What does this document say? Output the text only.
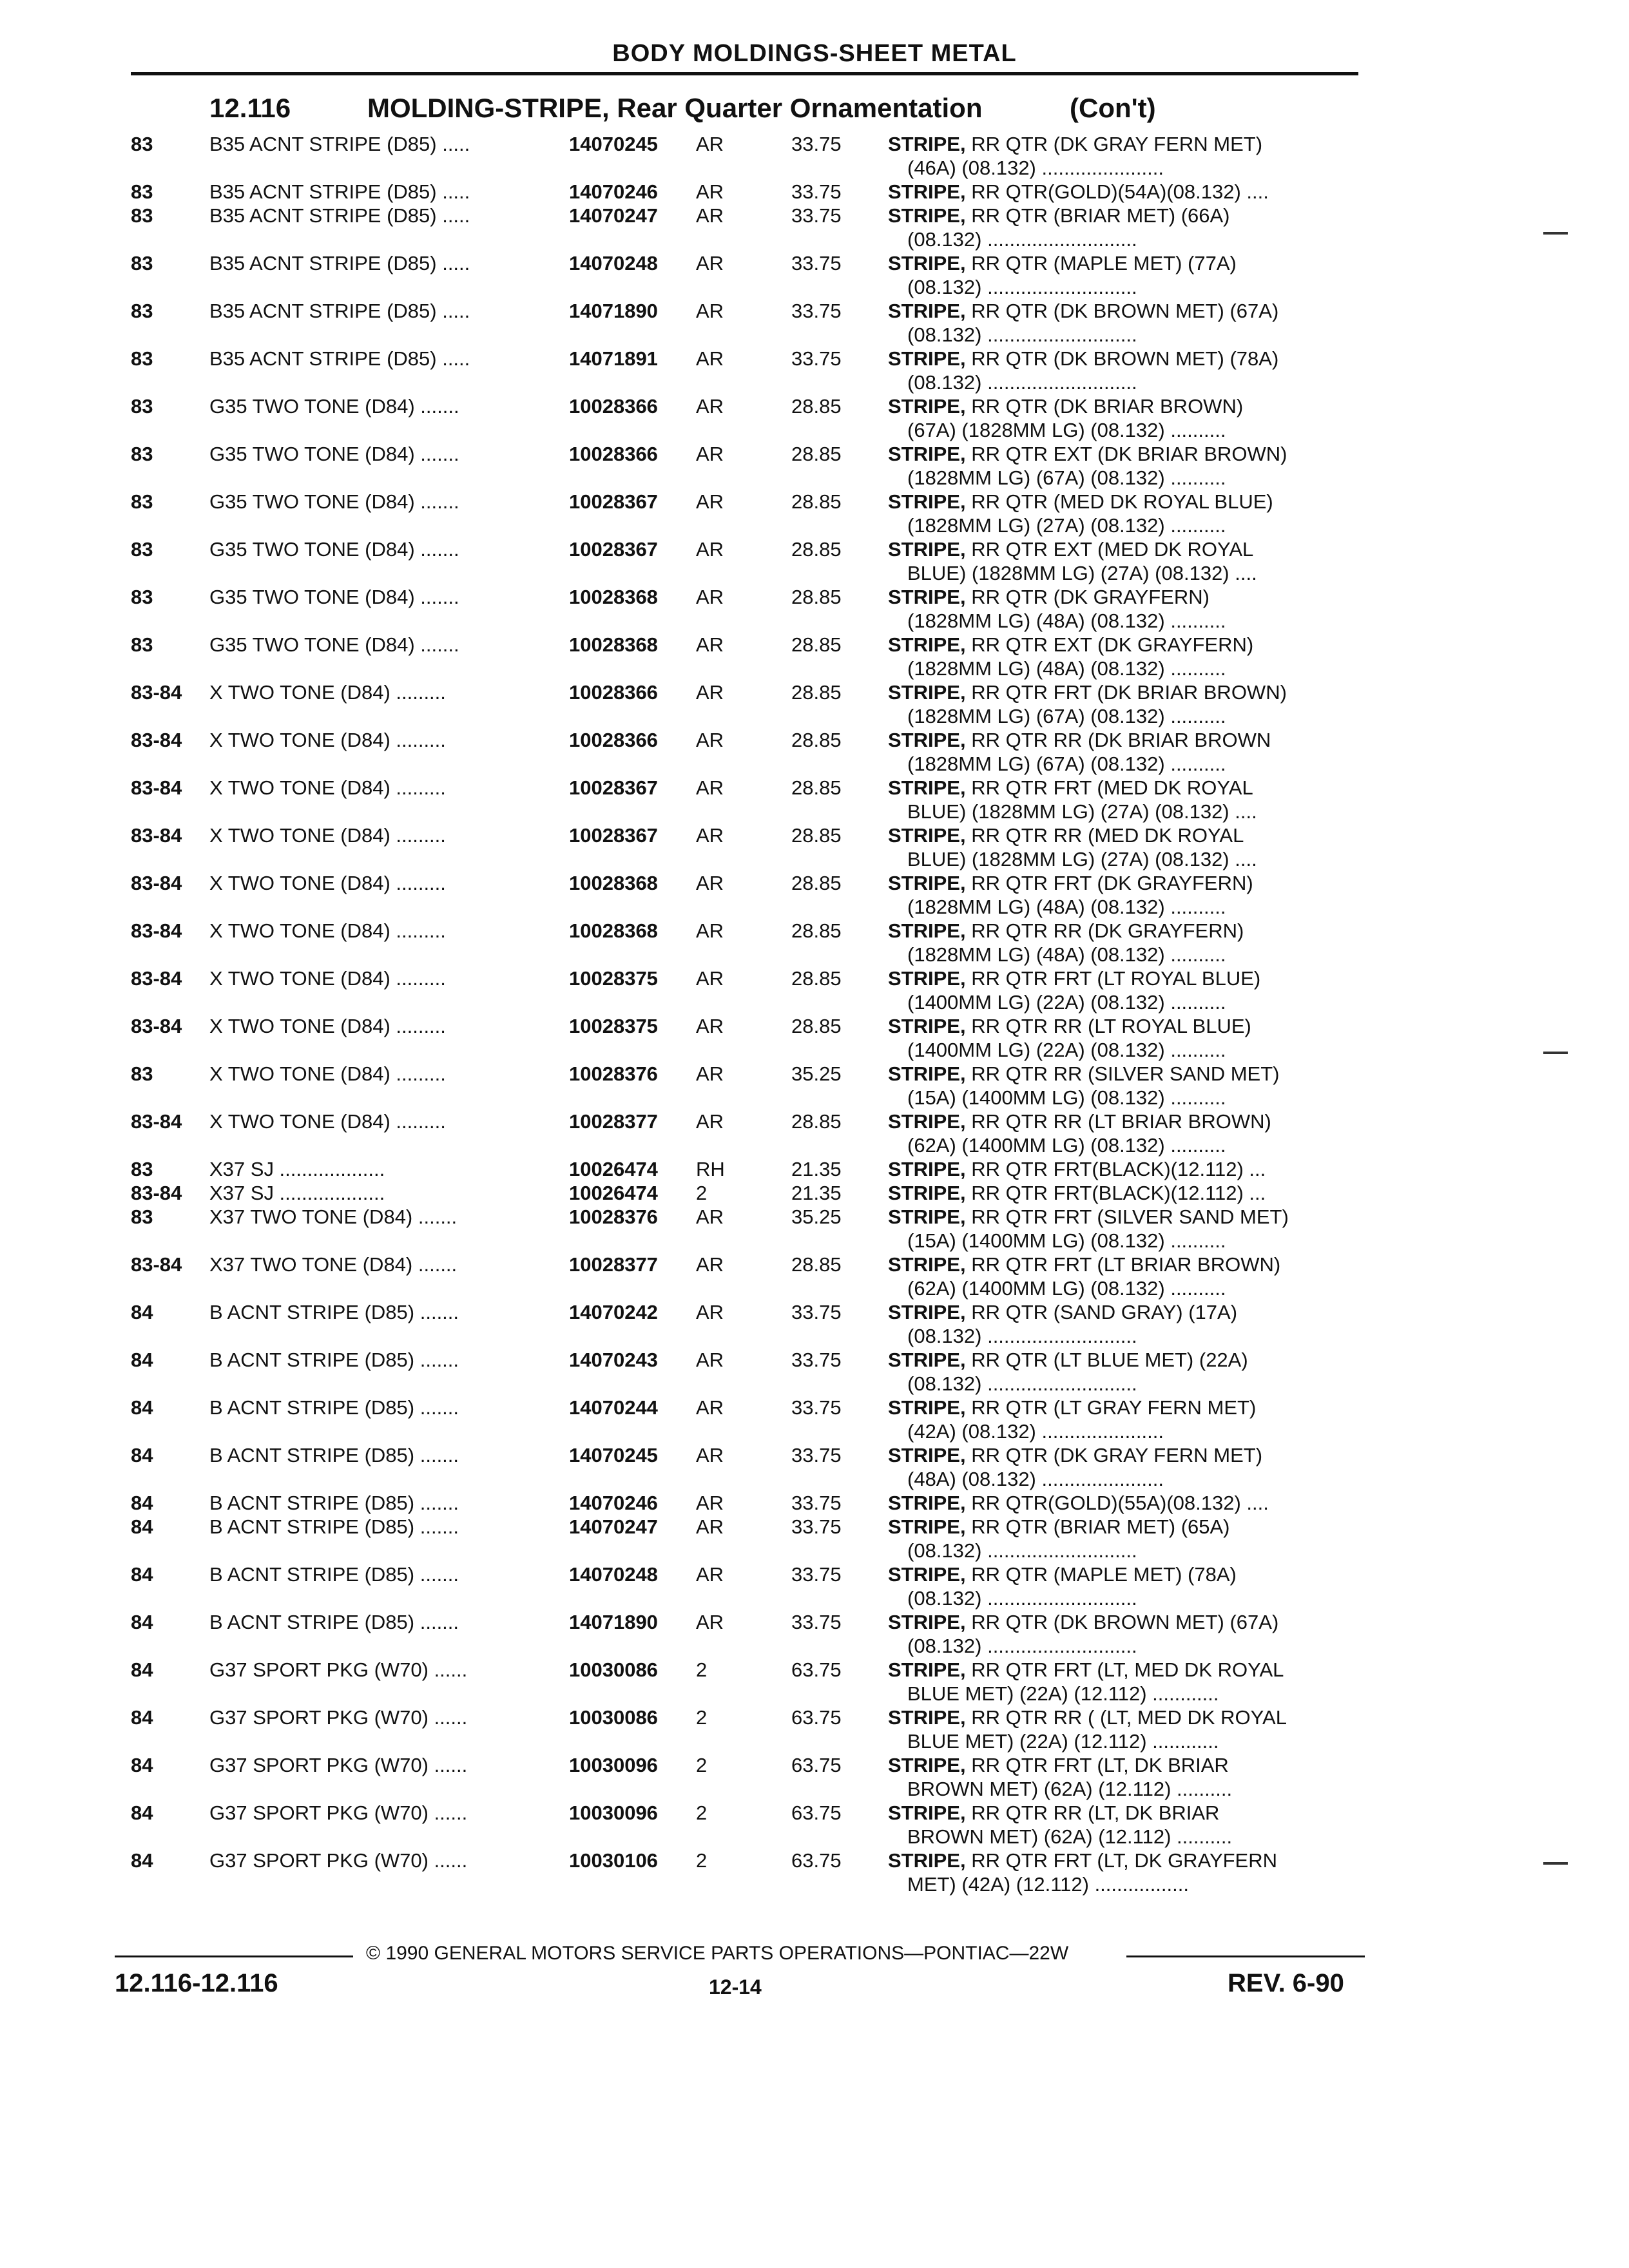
BODY MOLDINGS-SHEET METAL
12.116	MOLDING-STRIPE, Rear Quarter Ornamentation	(Con't)
83	B35 ACNT STRIPE (D85) .....	14070245 AR	33.75 STRIPE, RR QTR (DK GRAY FERN MET)
(46A) (08.132) ......................
83	B35 ACNT STRIPE (D85) .....	14070246 AR	33.75 STRIPE, RR QTR(GOLD)(54A)(08.132) ....
83	B35 ACNT STRIPE (D85) .....	14070247 AR	33.75 STRIPE, RR QTR (BRIAR MET) (66A)
(08.132) ...........................
83	B35 ACNT STRIPE (D85) .....	14070248 AR	33.75 STRIPE, RR QTR (MAPLE MET) (77A)
(08.132) ...........................
83	B35 ACNT STRIPE (D85) .....	14071890 AR	33.75 STRIPE, RR QTR (DK BROWN MET) (67A)
(08.132) ...........................
83	B35 ACNT STRIPE (D85) .....	14071891 AR	33.75 STRIPE, RR QTR (DK BROWN MET) (78A)
(08.132) ...........................
83	G35 TWO TONE (D84) .......	10028366 AR	28.85 STRIPE, RR QTR (DK BRIAR BROWN)
(67A) (1828MM LG) (08.132) ..........
83	G35 TWO TONE (D84) .......	10028366 AR	28.85 STRIPE, RR QTR EXT (DK BRIAR BROWN)
(1828MM LG) (67A) (08.132) ..........
83	G35 TWO TONE (D84) .......	10028367 AR	28.85 STRIPE, RR QTR (MED DK ROYAL BLUE)
(1828MM LG) (27A) (08.132) ..........
83	G35 TWO TONE (D84) .......	10028367 AR	28.85 STRIPE, RR QTR EXT (MED DK ROYAL
BLUE) (1828MM LG) (27A) (08.132) ....
83	G35 TWO TONE (D84) .......	10028368 AR	28.85 STRIPE, RR QTR (DK GRAYFERN)
(1828MM LG) (48A) (08.132) ..........
83	G35 TWO TONE (D84) .......	10028368 AR	28.85 STRIPE, RR QTR EXT (DK GRAYFERN)
(1828MM LG) (48A) (08.132) ..........
83-84 X TWO TONE (D84) .........	10028366 AR	28.85 STRIPE, RR QTR FRT (DK BRIAR BROWN)
(1828MM LG) (67A) (08.132) ..........
83-84 X TWO TONE (D84) .........	10028366 AR	28.85 STRIPE, RR QTR RR (DK BRIAR BROWN
(1828MM LG) (67A) (08.132) ..........
83-84 X TWO TONE (D84) .........	10028367 AR	28.85 STRIPE, RR QTR FRT (MED DK ROYAL
BLUE) (1828MM LG) (27A) (08.132) ....
83-84 X TWO TONE (D84) .........	10028367 AR	28.85 STRIPE, RR QTR RR (MED DK ROYAL
BLUE) (1828MM LG) (27A) (08.132) ....
83-84 X TWO TONE (D84) .........	10028368 AR	28.85 STRIPE, RR QTR FRT (DK GRAYFERN)
(1828MM LG) (48A) (08.132) ..........
83-84 X TWO TONE (D84) .........	10028368 AR	28.85 STRIPE, RR QTR RR (DK GRAYFERN)
(1828MM LG) (48A) (08.132) ..........
83-84 X TWO TONE (D84) .........	10028375 AR	28.85 STRIPE, RR QTR FRT (LT ROYAL BLUE)
(1400MM LG) (22A) (08.132) ..........
83-84 X TWO TONE (D84) .........	10028375 AR	28.85 STRIPE, RR QTR RR (LT ROYAL BLUE)
(1400MM LG) (22A) (08.132) ..........
83	X TWO TONE (D84) .........	10028376 AR	35.25 STRIPE, RR QTR RR (SILVER SAND MET)
(15A) (1400MM LG) (08.132) ..........
83-84 X TWO TONE (D84) .........	10028377 AR	28.85 STRIPE, RR QTR RR (LT BRIAR BROWN)
(62A) (1400MM LG) (08.132) ..........
83	X37 SJ ...................	10026474 RH	21.35 STRIPE, RR QTR FRT(BLACK)(12.112) ...
83-84 X37 SJ ...................	10026474 2	21.35 STRIPE, RR QTR FRT(BLACK)(12.112) ...
83	X37 TWO TONE (D84) .......	10028376 AR	35.25 STRIPE, RR QTR FRT (SILVER SAND MET)
(15A) (1400MM LG) (08.132) ..........
83-84 X37 TWO TONE (D84) .......	10028377 AR	28.85 STRIPE, RR QTR FRT (LT BRIAR BROWN)
(62A) (1400MM LG) (08.132) ..........
84	B ACNT STRIPE (D85) .......	14070242 AR	33.75 STRIPE, RR QTR (SAND GRAY) (17A)
(08.132) ...........................
84	B ACNT STRIPE (D85) .......	14070243 AR	33.75 STRIPE, RR QTR (LT BLUE MET) (22A)
(08.132) ...........................
84	B ACNT STRIPE (D85) .......	14070244 AR	33.75 STRIPE, RR QTR (LT GRAY FERN MET)
(42A) (08.132) ......................
84	B ACNT STRIPE (D85) .......	14070245 AR	33.75 STRIPE, RR QTR (DK GRAY FERN MET)
(48A) (08.132) ......................
84	B ACNT STRIPE (D85) .......	14070246 AR	33.75 STRIPE, RR QTR(GOLD)(55A)(08.132) ....
84	B ACNT STRIPE (D85) .......	14070247 AR	33.75 STRIPE, RR QTR (BRIAR MET) (65A)
(08.132) ...........................
84	B ACNT STRIPE (D85) .......	14070248 AR	33.75 STRIPE, RR QTR (MAPLE MET) (78A)
(08.132) ...........................
84	B ACNT STRIPE (D85) .......	14071890 AR	33.75 STRIPE, RR QTR (DK BROWN MET) (67A)
(08.132) ...........................
84	G37 SPORT PKG (W70) ......	10030086 2	63.75 STRIPE, RR QTR FRT (LT, MED DK ROYAL
BLUE MET) (22A) (12.112) ............
84	G37 SPORT PKG (W70) ......	10030086 2	63.75 STRIPE, RR QTR RR ( (LT, MED DK ROYAL
BLUE MET) (22A) (12.112) ............
84	G37 SPORT PKG (W70) ......	10030096 2	63.75 STRIPE, RR QTR FRT (LT, DK BRIAR
BROWN MET) (62A) (12.112) ..........
84	G37 SPORT PKG (W70) ......	10030096 2	63.75 STRIPE, RR QTR RR (LT, DK BRIAR
BROWN MET) (62A) (12.112) ..........
84	G37 SPORT PKG (W70) ......	10030106 2	63.75 STRIPE, RR QTR FRT (LT, DK GRAYFERN
MET) (42A) (12.112) .................
© 1990 GENERAL MOTORS SERVICE PARTS OPERATIONS—PONTIAC—22W
12.116-12.116	12-14	REV. 6-90
